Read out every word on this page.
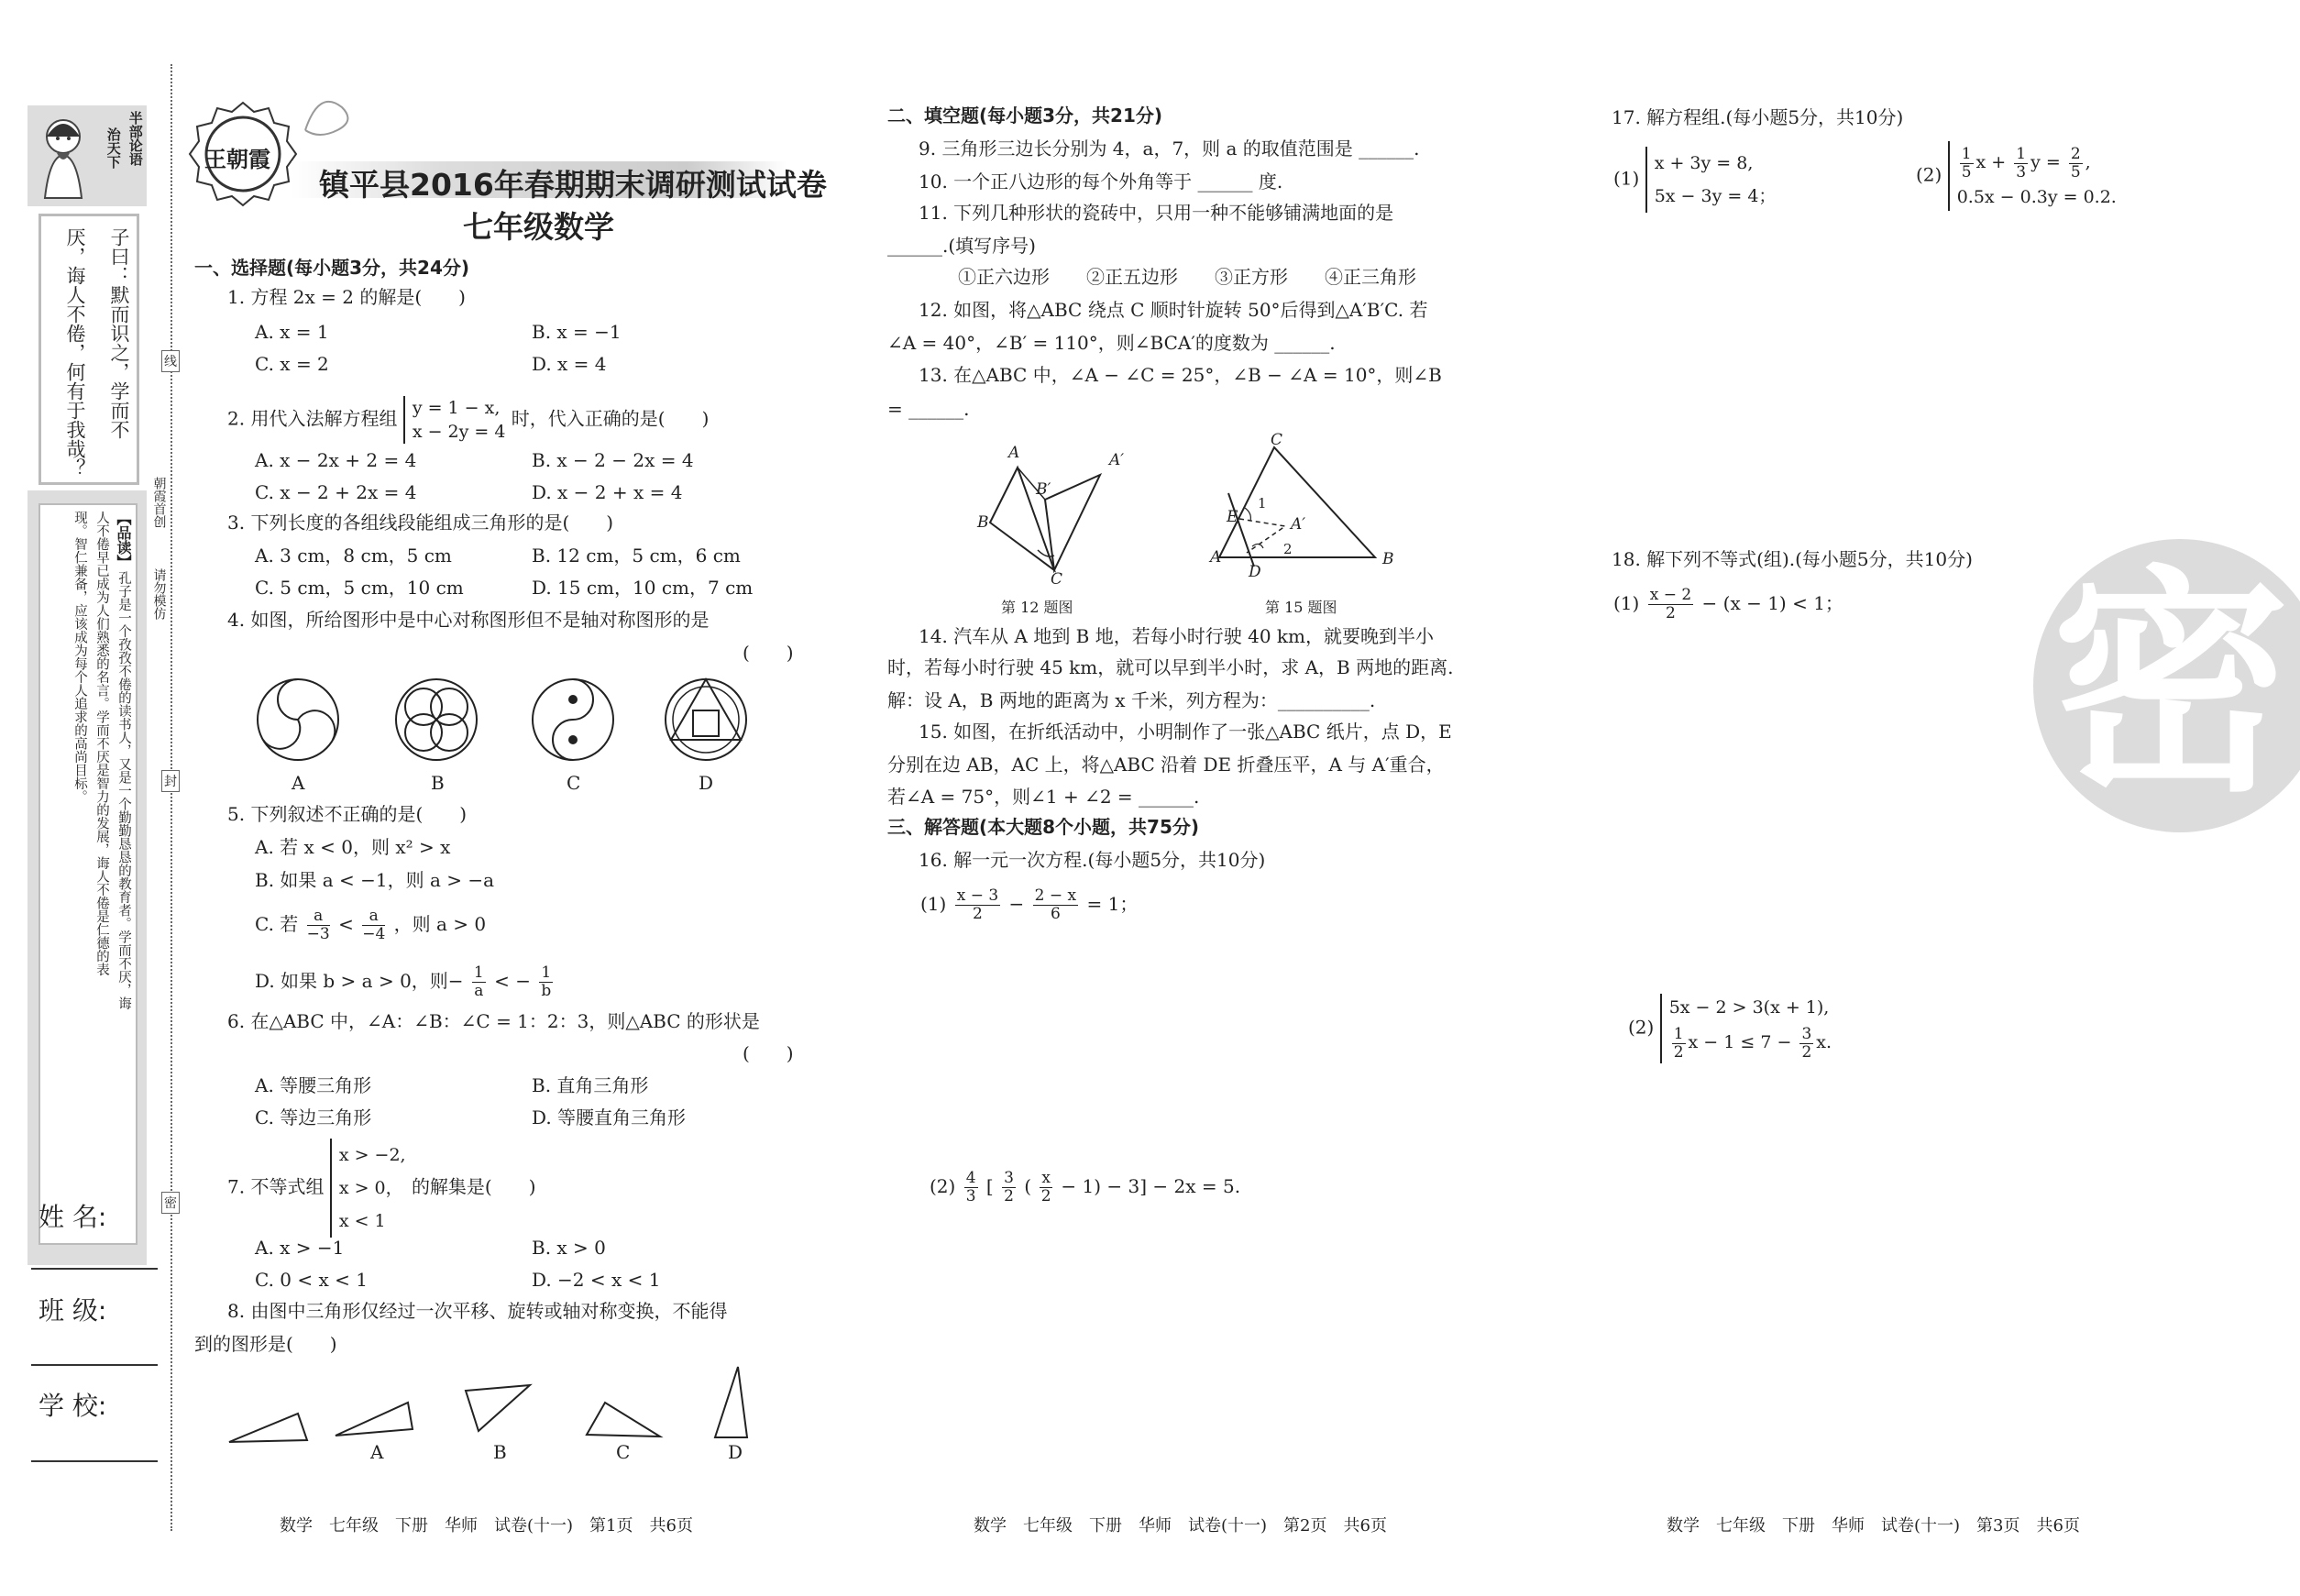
半部论语
治天下
子曰：默而识之，学而不
厌，诲人不倦，何有于我哉？
【品读】
孔子是一个孜孜不倦的读书人，又是一个勤勤恳恳的教育者。学而不厌，诲
人不倦早已成为人们熟悉的名言。学而不厌是智力的发展，诲人不倦是仁德的表
现。智仁兼备，应该成为每个人追求的高尚目标。
姓 名:
班 级:
学 校:
线
封
密
朝霞首创
请勿模仿
王朝霞
镇平县2016年春期期末调研测试试卷
七年级数学
一、选择题(每小题3分，共24分)
1. 方程 2x = 2 的解是(　　)
A. x = 1	B. x = −1
C. x = 2	D. x = 4
2. 用代入法解方程组 y = 1 − x,
x − 2y = 4
时，代入正确的是(　　)
A. x − 2x + 2 = 4	B. x − 2 − 2x = 4
C. x − 2 + 2x = 4	D. x − 2 + x = 4
3. 下列长度的各组线段能组成三角形的是(　　)
A. 3 cm，8 cm，5 cm	B. 12 cm，5 cm，6 cm
C. 5 cm，5 cm，10 cm	D. 15 cm，10 cm，7 cm
4. 如图，所给图形中是中心对称图形但不是轴对称图形的是
(　　)
A	B	C	D
5. 下列叙述不正确的是(　　)
A. 若 x < 0，则 x² > x
B. 如果 a < −1，则 a > −a
C. 若 $\frac{a}{-3} < \frac{a}{-4}$ ，则 a > 0
D. 如果 b > a > 0，则− $\frac{1}{a}$ < − $\frac{1}{b}$
6. 在△ABC 中，∠A：∠B：∠C = 1：2：3，则△ABC 的形状是
(　　)
A. 等腰三角形	B. 直角三角形
C. 等边三角形	D. 等腰直角三角形
7. 不等式组
x > −2,
x > 0，
x < 1
的解集是(　　)
A. x > −1	B. x > 0
C. 0 < x < 1	D. −2 < x < 1
8. 由图中三角形仅经过一次平移、旋转或轴对称变换，不能得
到的图形是(　　)
A	B	C	D
数学　七年级　下册　华师　试卷(十一)　第1页　共6页
二、填空题(每小题3分，共21分)
9. 三角形三边长分别为 4，a，7，则 a 的取值范围是 ______.
10. 一个正八边形的每个外角等于 ______ 度.
11. 下列几种形状的瓷砖中，只用一种不能够铺满地面的是
______.(填写序号)
①正六边形　　②正五边形　　③正方形　　④正三角形
12. 如图，将△ABC 绕点 C 顺时针旋转 50°后得到△A′B′C. 若
∠A = 40°，∠B′ = 110°，则∠BCA′的度数为 ______.
13. 在△ABC 中，∠A − ∠C = 25°，∠B − ∠A = 10°，则∠B
= ______.
A
B
C
A′
B′
第 12 题图
C
A	B
D
E	A′
1
2
第 15 题图
14. 汽车从 A 地到 B 地，若每小时行驶 40 km，就要晚到半小
时，若每小时行驶 45 km，就可以早到半小时，求 A，B 两地的距离.
解：设 A，B 两地的距离为 x 千米，列方程为：__________.
15. 如图，在折纸活动中，小明制作了一张△ABC 纸片，点 D，E
分别在边 AB，AC 上，将△ABC 沿着 DE 折叠压平，A 与 A′重合，
若∠A = 75°，则∠1 + ∠2 = ______.
三、解答题(本大题8个小题，共75分)
16. 解一元一次方程.(每小题5分，共10分)
$(1) \frac{x - 3}{2} - \frac{2 - x}{6} = 1$；
$(2) \frac{4}{3}$ [ $\frac{3}{2}$ ( $\frac{x}{2} - 1) - 3] - 2x = 5$.
数学　七年级　下册　华师　试卷(十一)　第2页　共6页
17. 解方程组.(每小题5分，共10分)
(1)
x + 3y = 8,
5x − 3y = 4；
$(2) \frac{1}{5}$ $x + \frac{1}{3}$ $y = \frac{2}{5}$ ,
0.5x − 0.3y = 0.2.
18. 解下列不等式(组).(每小题5分，共10分)
$(1) \frac{x - 2}{2} - (x - 1) < 1$；
(2)
5x − 2 > 3(x + 1),
$\frac{1}{2}$ $x - 1 \le 7 - \frac{3}{2} x$.
密
数学　七年级　下册　华师　试卷(十一)　第3页　共6页
